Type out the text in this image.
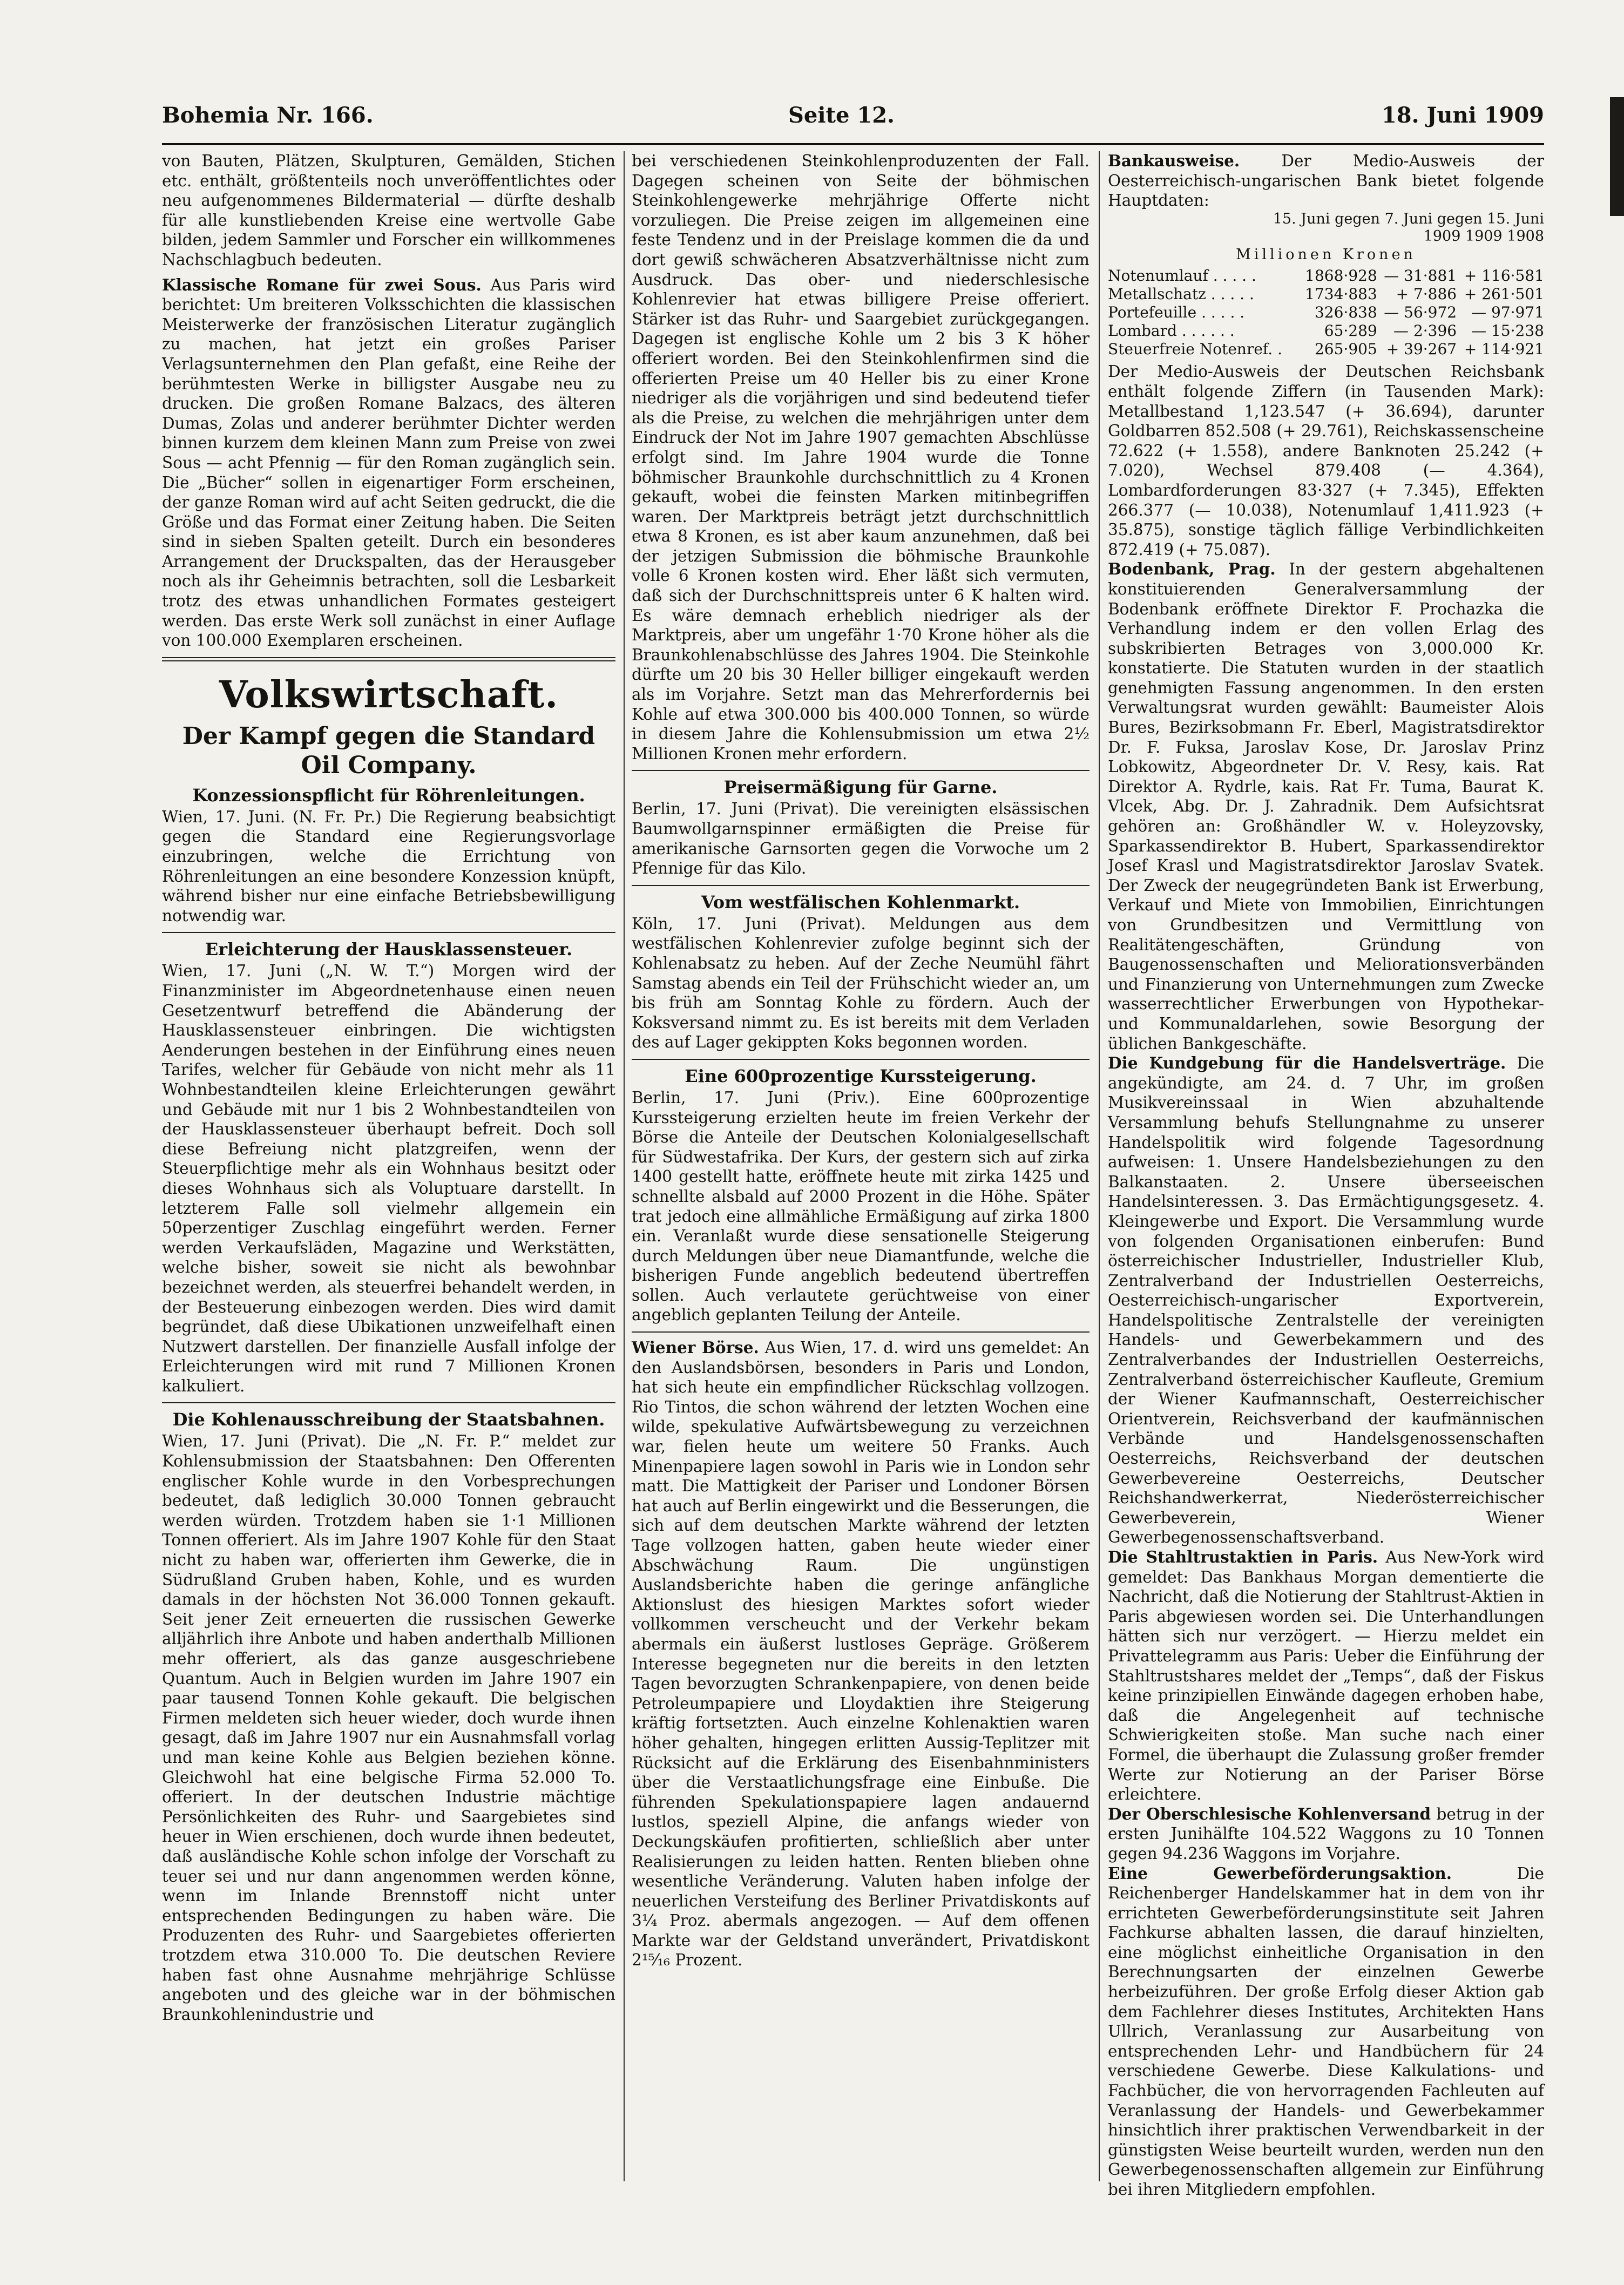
Bohemia Nr. 166.	Seite 12.	18. Juni 1909

von Bauten, Plätzen, Skulpturen, Gemälden, Stichen etc. enthält, größtenteils noch unveröffentlichtes oder neu aufgenommenes Bildermaterial — dürfte deshalb für alle kunstliebenden Kreise eine wertvolle Gabe bilden, jedem Sammler und Forscher ein willkommenes Nachschlagbuch bedeuten.

Klassische Romane für zwei Sous. Aus Paris wird berichtet: Um breiteren Volksschichten die klassischen Meisterwerke der französischen Literatur zugänglich zu machen, hat jetzt ein großes Pariser Verlagsunternehmen den Plan gefaßt, eine Reihe der berühmtesten Werke in billigster Ausgabe neu zu drucken. Die großen Romane Balzacs, des älteren Dumas, Zolas und anderer berühmter Dichter werden binnen kurzem dem kleinen Mann zum Preise von zwei Sous — acht Pfennig — für den Roman zugänglich sein. Die „Bücher“ sollen in eigenartiger Form erscheinen, der ganze Roman wird auf acht Seiten gedruckt, die die Größe und das Format einer Zeitung haben. Die Seiten sind in sieben Spalten geteilt. Durch ein besonderes Arrangement der Druckspalten, das der Herausgeber noch als ihr Geheimnis betrachten, soll die Lesbarkeit trotz des etwas unhandlichen Formates gesteigert werden. Das erste Werk soll zunächst in einer Auflage von 100.000 Exemplaren erscheinen.

Volkswirtschaft.
Der Kampf gegen die Standard Oil Company.
Konzessionspflicht für Röhrenleitungen.

Wien, 17. Juni. (N. Fr. Pr.) Die Regierung beabsichtigt gegen die Standard eine Regierungsvorlage einzubringen, welche die Errichtung von Röhrenleitungen an eine besondere Konzession knüpft, während bisher nur eine einfache Betriebsbewilligung notwendig war.

Erleichterung der Hausklassensteuer.

Wien, 17. Juni („N. W. T.“) Morgen wird der Finanzminister im Abgeordnetenhause einen neuen Gesetzentwurf betreffend die Abänderung der Hausklassensteuer einbringen. Die wichtigsten Aenderungen bestehen in der Einführung eines neuen Tarifes, welcher für Gebäude von nicht mehr als 11 Wohnbestandteilen kleine Erleichterungen gewährt und Gebäude mit nur 1 bis 2 Wohnbestandteilen von der Hausklassensteuer überhaupt befreit. Doch soll diese Befreiung nicht platzgreifen, wenn der Steuerpflichtige mehr als ein Wohnhaus besitzt oder dieses Wohnhaus sich als Voluptuare darstellt. In letzterem Falle soll vielmehr allgemein ein 50perzentiger Zuschlag eingeführt werden. Ferner werden Verkaufsläden, Magazine und Werkstätten, welche bisher, soweit sie nicht als bewohnbar bezeichnet werden, als steuerfrei behandelt werden, in der Besteuerung einbezogen werden. Dies wird damit begründet, daß diese Ubikationen unzweifelhaft einen Nutzwert darstellen. Der finanzielle Ausfall infolge der Erleichterungen wird mit rund 7 Millionen Kronen kalkuliert.

Die Kohlenausschreibung der Staatsbahnen.

Wien, 17. Juni (Privat). Die „N. Fr. P.“ meldet zur Kohlensubmission der Staatsbahnen: Den Offerenten englischer Kohle wurde in den Vorbesprechungen bedeutet, daß lediglich 30.000 Tonnen gebraucht werden würden. Trotzdem haben sie 1·1 Millionen Tonnen offeriert. Als im Jahre 1907 Kohle für den Staat nicht zu haben war, offerierten ihm Gewerke, die in Südrußland Gruben haben, Kohle, und es wurden damals in der höchsten Not 36.000 Tonnen gekauft. Seit jener Zeit erneuerten die russischen Gewerke alljährlich ihre Anbote und haben anderthalb Millionen mehr offeriert, als das ganze ausgeschriebene Quantum. Auch in Belgien wurden im Jahre 1907 ein paar tausend Tonnen Kohle gekauft. Die belgischen Firmen meldeten sich heuer wieder, doch wurde ihnen gesagt, daß im Jahre 1907 nur ein Ausnahmsfall vorlag und man keine Kohle aus Belgien beziehen könne. Gleichwohl hat eine belgische Firma 52.000 To. offeriert. In der deutschen Industrie mächtige Persönlichkeiten des Ruhr- und Saargebietes sind heuer in Wien erschienen, doch wurde ihnen bedeutet, daß ausländische Kohle schon infolge der Vorschaft zu teuer sei und nur dann angenommen werden könne, wenn im Inlande Brennstoff nicht unter entsprechenden Bedingungen zu haben wäre. Die Produzenten des Ruhr- und Saargebietes offerierten trotzdem etwa 310.000 To. Die deutschen Reviere haben fast ohne Ausnahme mehrjährige Schlüsse angeboten und des gleiche war in der böhmischen Braunkohlenindustrie und

bei verschiedenen Steinkohlenproduzenten der Fall. Dagegen scheinen von Seite der böhmischen Steinkohlengewerke mehrjährige Offerte nicht vorzuliegen. Die Preise zeigen im allgemeinen eine feste Tendenz und in der Preislage kommen die da und dort gewiß schwächeren Absatzverhältnisse nicht zum Ausdruck. Das ober- und niederschlesische Kohlenrevier hat etwas billigere Preise offeriert. Stärker ist das Ruhr- und Saargebiet zurückgegangen. Dagegen ist englische Kohle um 2 bis 3 K höher offeriert worden. Bei den Steinkohlenfirmen sind die offerierten Preise um 40 Heller bis zu einer Krone niedriger als die vorjährigen und sind bedeutend tiefer als die Preise, zu welchen die mehrjährigen unter dem Eindruck der Not im Jahre 1907 gemachten Abschlüsse erfolgt sind. Im Jahre 1904 wurde die Tonne böhmischer Braunkohle durchschnittlich zu 4 Kronen gekauft, wobei die feinsten Marken mitinbegriffen waren. Der Marktpreis beträgt jetzt durchschnittlich etwa 8 Kronen, es ist aber kaum anzunehmen, daß bei der jetzigen Submission die böhmische Braunkohle volle 6 Kronen kosten wird. Eher läßt sich vermuten, daß sich der Durchschnittspreis unter 6 K halten wird. Es wäre demnach erheblich niedriger als der Marktpreis, aber um ungefähr 1·70 Krone höher als die Braunkohlenabschlüsse des Jahres 1904. Die Steinkohle dürfte um 20 bis 30 Heller billiger eingekauft werden als im Vorjahre. Setzt man das Mehrerfordernis bei Kohle auf etwa 300.000 bis 400.000 Tonnen, so würde in diesem Jahre die Kohlensubmission um etwa 2½ Millionen Kronen mehr erfordern.

Preisermäßigung für Garne.

Berlin, 17. Juni (Privat). Die vereinigten elsässischen Baumwollgarnspinner ermäßigten die Preise für amerikanische Garnsorten gegen die Vorwoche um 2 Pfennige für das Kilo.

Vom westfälischen Kohlenmarkt.

Köln, 17. Juni (Privat). Meldungen aus dem westfälischen Kohlenrevier zufolge beginnt sich der Kohlenabsatz zu heben. Auf der Zeche Neumühl fährt Samstag abends ein Teil der Frühschicht wieder an, um bis früh am Sonntag Kohle zu fördern. Auch der Koksversand nimmt zu. Es ist bereits mit dem Verladen des auf Lager gekippten Koks begonnen worden.

Eine 600prozentige Kurssteigerung.

Berlin, 17. Juni (Priv.). Eine 600prozentige Kurssteigerung erzielten heute im freien Verkehr der Börse die Anteile der Deutschen Kolonialgesellschaft für Südwestafrika. Der Kurs, der gestern sich auf zirka 1400 gestellt hatte, eröffnete heute mit zirka 1425 und schnellte alsbald auf 2000 Prozent in die Höhe. Später trat jedoch eine allmähliche Ermäßigung auf zirka 1800 ein. Veranlaßt wurde diese sensationelle Steigerung durch Meldungen über neue Diamantfunde, welche die bisherigen Funde angeblich bedeutend übertreffen sollen. Auch verlautete gerüchtweise von einer angeblich geplanten Teilung der Anteile.

Wiener Börse. Aus Wien, 17. d. wird uns gemeldet: An den Auslandsbörsen, besonders in Paris und London, hat sich heute ein empfindlicher Rückschlag vollzogen. Rio Tintos, die schon während der letzten Wochen eine wilde, spekulative Aufwärtsbewegung zu verzeichnen war, fielen heute um weitere 50 Franks. Auch Minenpapiere lagen sowohl in Paris wie in London sehr matt. Die Mattigkeit der Pariser und Londoner Börsen hat auch auf Berlin eingewirkt und die Besserungen, die sich auf dem deutschen Markte während der letzten Tage vollzogen hatten, gaben heute wieder einer Abschwächung Raum. Die ungünstigen Auslandsberichte haben die geringe anfängliche Aktionslust des hiesigen Marktes sofort wieder vollkommen verscheucht und der Verkehr bekam abermals ein äußerst lustloses Gepräge. Größerem Interesse begegneten nur die bereits in den letzten Tagen bevorzugten Schrankenpapiere, von denen beide Petroleumpapiere und Lloydaktien ihre Steigerung kräftig fortsetzten. Auch einzelne Kohlenaktien waren höher gehalten, hingegen erlitten Aussig-Teplitzer mit Rücksicht auf die Erklärung des Eisenbahnministers über die Verstaatlichungsfrage eine Einbuße. Die führenden Spekulationspapiere lagen andauernd lustlos, speziell Alpine, die anfangs wieder von Deckungskäufen profitierten, schließlich aber unter Realisierungen zu leiden hatten. Renten blieben ohne wesentliche Veränderung. Valuten haben infolge der neuerlichen Versteifung des Berliner Privatdiskonts auf 3¼ Proz. abermals angezogen. — Auf dem offenen Markte war der Geldstand unverändert, Privatdiskont 2¹⁵⁄₁₆ Prozent.

Bankausweise.	Der Medio-Ausweis der Oesterreichisch-ungarischen Bank bietet folgende Hauptdaten:

15. Juni gegen 7. Juni gegen 15. Juni
1909 1909 1908
Millionen Kronen
Notenumlauf . . . . .	1868·928	— 31·881	+ 116·581
Metallschatz . . . . .	1734·883	+ 7·886	+ 261·501
Portefeuille . . . . .	326·838	— 56·972	— 97·971
Lombard . . . . . .	65·289	— 2·396	— 15·238
Steuerfreie Notenref. .	265·905	+ 39·267	+ 114·921

Der Medio-Ausweis der Deutschen Reichsbank enthält folgende Ziffern (in Tausenden Mark): Metallbestand 1,123.547 (+ 36.694), darunter Goldbarren 852.508 (+ 29.761), Reichskassenscheine 72.622 (+ 1.558), andere Banknoten 25.242 (+ 7.020), Wechsel 879.408 (— 4.364), Lombardforderungen 83·327 (+ 7.345), Effekten 266.377 (— 10.038), Notenumlauf 1,411.923 (+ 35.875), sonstige täglich fällige Verbindlichkeiten 872.419 (+ 75.087).

Bodenbank, Prag. In der gestern abgehaltenen konstituierenden Generalversammlung der Bodenbank eröffnete Direktor F. Prochazka die Verhandlung indem er den vollen Erlag des subskribierten Betrages von 3,000.000 Kr. konstatierte. Die Statuten wurden in der staatlich genehmigten Fassung angenommen. In den ersten Verwaltungsrat wurden gewählt: Baumeister Alois Bures, Bezirksobmann Fr. Eberl, Magistratsdirektor Dr. F. Fuksa, Jaroslav Kose, Dr. Jaroslav Prinz Lobkowitz, Abgeordneter Dr. V. Resy, kais. Rat Direktor A. Rydrle, kais. Rat Fr. Tuma, Baurat K. Vlcek, Abg. Dr. J. Zahradnik. Dem Aufsichtsrat gehören an: Großhändler W. v. Holeyzovsky, Sparkassendirektor B. Hubert, Sparkassendirektor Josef Krasl und Magistratsdirektor Jaroslav Svatek. Der Zweck der neugegründeten Bank ist Erwerbung, Verkauf und Miete von Immobilien, Einrichtungen von Grundbesitzen und Vermittlung von Realitätengeschäften, Gründung von Baugenossenschaften und Meliorationsverbänden und Finanzierung von Unternehmungen zum Zwecke wasserrechtlicher Erwerbungen von Hypothekar- und Kommunaldarlehen, sowie Besorgung der üblichen Bankgeschäfte.

Die Kundgebung für die Handelsverträge. Die angekündigte, am 24. d. 7 Uhr, im großen Musikvereinssaal in Wien abzuhaltende Versammlung behufs Stellungnahme zu unserer Handelspolitik wird folgende Tagesordnung aufweisen: 1. Unsere Handelsbeziehungen zu den Balkanstaaten. 2. Unsere überseeischen Handelsinteressen. 3. Das Ermächtigungsgesetz. 4. Kleingewerbe und Export. Die Versammlung wurde von folgenden Organisationen einberufen: Bund österreichischer Industrieller, Industrieller Klub, Zentralverband der Industriellen Oesterreichs, Oesterreichisch-ungarischer Exportverein, Handelspolitische Zentralstelle der vereinigten Handels- und Gewerbekammern und des Zentralverbandes der Industriellen Oesterreichs, Zentralverband österreichischer Kaufleute, Gremium der Wiener Kaufmannschaft, Oesterreichischer Orientverein, Reichsverband der kaufmännischen Verbände und Handelsgenossenschaften Oesterreichs, Reichsverband der deutschen Gewerbevereine Oesterreichs, Deutscher Reichshandwerkerrat, Niederösterreichischer Gewerbeverein, Wiener Gewerbegenossenschaftsverband.

Die Stahltrustaktien in Paris. Aus New-York wird gemeldet: Das Bankhaus Morgan dementierte die Nachricht, daß die Notierung der Stahltrust-Aktien in Paris abgewiesen worden sei. Die Unterhandlungen hätten sich nur verzögert. — Hierzu meldet ein Privattelegramm aus Paris: Ueber die Einführung der Stahltrustshares meldet der „Temps“, daß der Fiskus keine prinzipiellen Einwände dagegen erhoben habe, daß die Angelegenheit auf technische Schwierigkeiten stoße. Man suche nach einer Formel, die überhaupt die Zulassung großer fremder Werte zur Notierung an der Pariser Börse erleichtere.

Der Oberschlesische Kohlenversand betrug in der ersten Junihälfte 104.522 Waggons zu 10 Tonnen gegen 94.236 Waggons im Vorjahre.

Eine Gewerbeförderungsaktion.	Die Reichenberger Handelskammer hat in dem von ihr errichteten Gewerbeförderungsinstitute seit Jahren Fachkurse abhalten lassen, die darauf hinzielten, eine möglichst einheitliche Organisation in den Berechnungsarten der einzelnen Gewerbe herbeizuführen. Der große Erfolg dieser Aktion gab dem Fachlehrer dieses Institutes, Architekten Hans Ullrich, Veranlassung zur Ausarbeitung von entsprechenden Lehr- und Handbüchern für 24 verschiedene Gewerbe. Diese Kalkulations- und Fachbücher, die von hervorragenden Fachleuten auf Veranlassung der Handels- und Gewerbekammer hinsichtlich ihrer praktischen Verwendbarkeit in der günstigsten Weise beurteilt wurden, werden nun den Gewerbegenossenschaften allgemein zur Einführung bei ihren Mitgliedern empfohlen.
